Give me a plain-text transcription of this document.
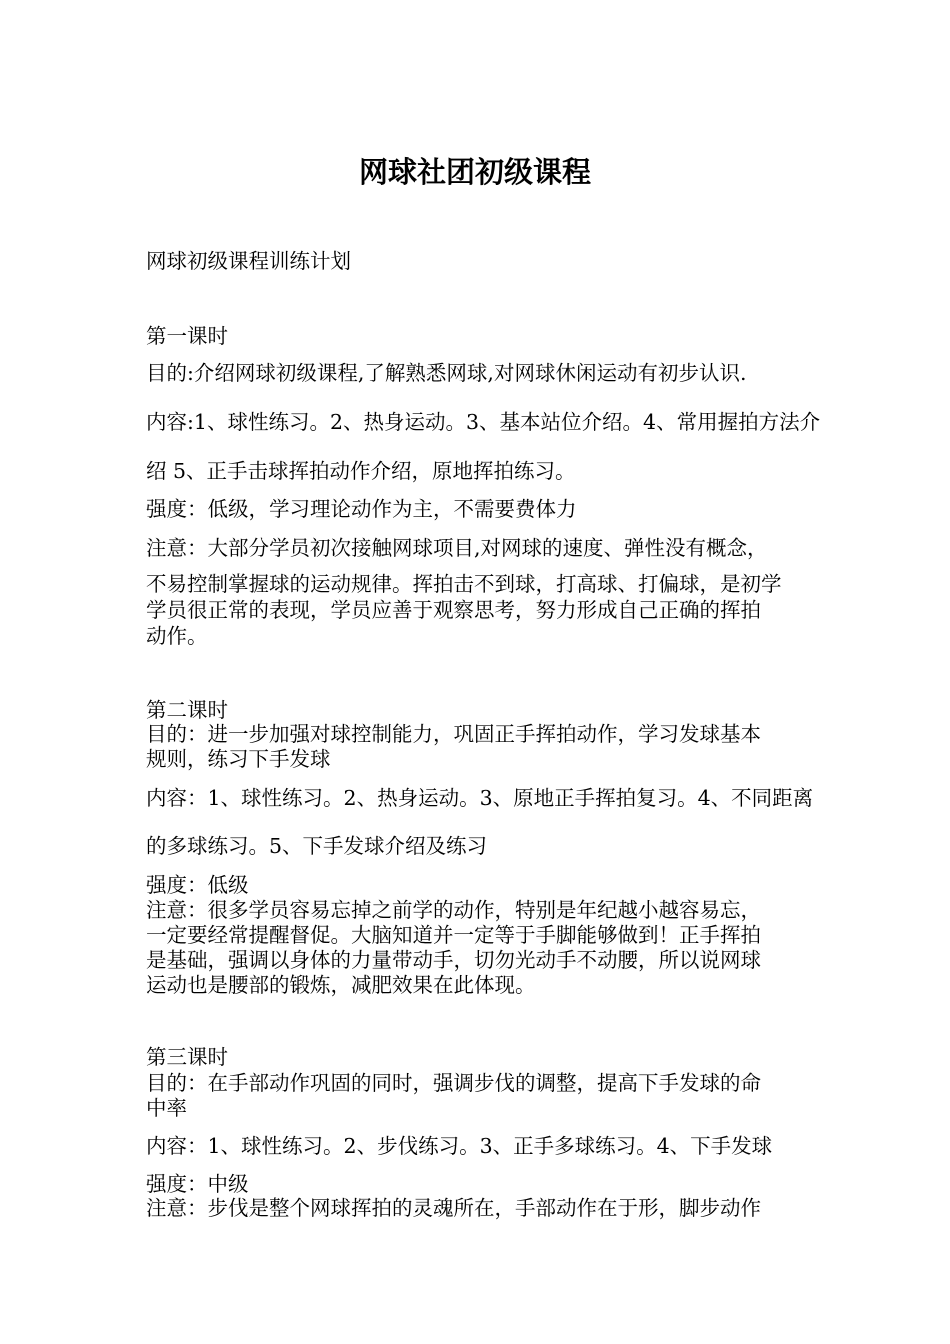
网球社团初级课程
网球初级课程训练计划
第一课时
目的:介绍网球初级课程,了解熟悉网球,对网球休闲运动有初步认识.
内容:1、球性练习。2、热身运动。3、基本站位介绍。4、常用握拍方法介
绍 5、正手击球挥拍动作介绍，原地挥拍练习。
强度：低级，学习理论动作为主，不需要费体力
注意：大部分学员初次接触网球项目,对网球的速度、弹性没有概念，
不易控制掌握球的运动规律。挥拍击不到球，打高球、打偏球，是初学
学员很正常的表现，学员应善于观察思考，努力形成自己正确的挥拍
动作。
第二课时
目的：进一步加强对球控制能力，巩固正手挥拍动作，学习发球基本
规则，练习下手发球
内容：1、球性练习。2、热身运动。3、原地正手挥拍复习。4、不同距离
的多球练习。5、下手发球介绍及练习
强度：低级
注意：很多学员容易忘掉之前学的动作，特别是年纪越小越容易忘，
一定要经常提醒督促。大脑知道并一定等于手脚能够做到！正手挥拍
是基础，强调以身体的力量带动手，切勿光动手不动腰，所以说网球
运动也是腰部的锻炼，减肥效果在此体现。
第三课时
目的：在手部动作巩固的同时，强调步伐的调整，提高下手发球的命
中率
内容：1、球性练习。2、步伐练习。3、正手多球练习。4、下手发球
强度：中级
注意：步伐是整个网球挥拍的灵魂所在，手部动作在于形，脚步动作
